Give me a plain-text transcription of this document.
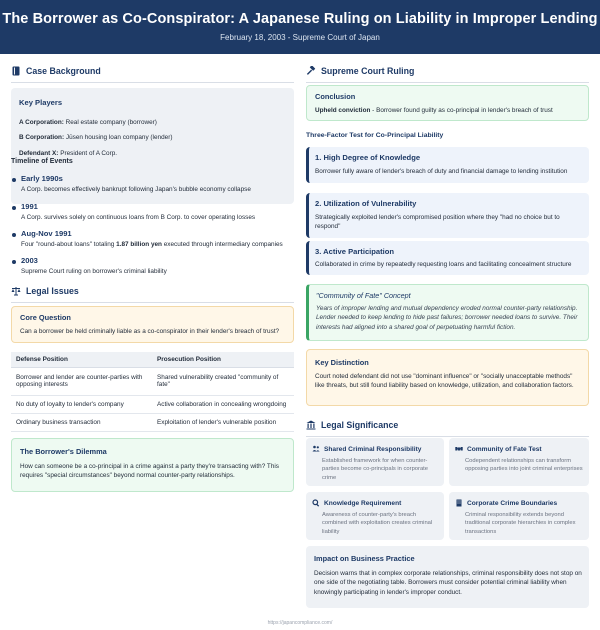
The Borrower as Co-Conspirator: A Japanese Ruling on Liability in Improper Lending
February 18, 2003 - Supreme Court of Japan
Case Background
Key Players
A Corporation: Real estate company (borrower)
B Corporation: Jūsen housing loan company (lender)
Defendant X: President of A Corp.
Timeline of Events
Early 1990s
A Corp. becomes effectively bankrupt following Japan's bubble economy collapse
1991
A Corp. survives solely on continuous loans from B Corp. to cover operating losses
Aug-Nov 1991
Four "round-about loans" totaling 1.87 billion yen executed through intermediary companies
2003
Supreme Court ruling on borrower's criminal liability
Legal Issues
Core Question
Can a borrower be held criminally liable as a co-conspirator in their lender's breach of trust?
Defense Position	Prosecution Position
Borrower and lender are counter-parties with opposing interests	Shared vulnerability created "community of fate"
No duty of loyalty to lender's company	Active collaboration in concealing wrongdoing
Ordinary business transaction	Exploitation of lender's vulnerable position
The Borrower's Dilemma
How can someone be a co-principal in a crime against a party they're transacting with? This requires "special circumstances" beyond normal counter-party relationships.
Supreme Court Ruling
Conclusion
Upheld conviction - Borrower found guilty as co-principal in lender's breach of trust
Three-Factor Test for Co-Principal Liability
1. High Degree of Knowledge
Borrower fully aware of lender's breach of duty and financial damage to lending institution
2. Utilization of Vulnerability
Strategically exploited lender's compromised position where they "had no choice but to respond"
3. Active Participation
Collaborated in crime by repeatedly requesting loans and facilitating concealment structure
"Community of Fate" Concept
Years of improper lending and mutual dependency eroded normal counter-party relationship. Lender needed to keep lending to hide past failures; borrower needed loans to survive. Their interests had aligned into a shared goal of perpetuating harmful fiction.
Key Distinction
Court noted defendant did not use "dominant influence" or "socially unacceptable methods" like threats, but still found liability based on knowledge, utilization, and collaboration factors.
Legal Significance
Shared Criminal Responsibility
Established framework for when counter-parties become co-principals in corporate crime
Community of Fate Test
Codependent relationships can transform opposing parties into joint criminal enterprises
Knowledge Requirement
Awareness of counter-party's breach combined with exploitation creates criminal liability
Corporate Crime Boundaries
Criminal responsibility extends beyond traditional corporate hierarchies in complex transactions
Impact on Business Practice
Decision warns that in complex corporate relationships, criminal responsibility does not stop on one side of the negotiating table. Borrowers must consider potential criminal liability when knowingly participating in lender's improper conduct.
https://japancompliance.com/
